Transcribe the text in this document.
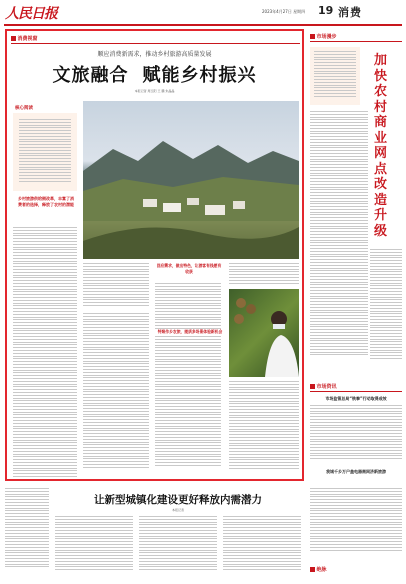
人民日报	2023年4月27日 星期四 19 消费
消费视窗
顺应消费新需求，推动乡村旅游高质量发展
文旅融合 赋能乡村振兴
本报记者 周玉阳 王 鹏 朱晶晶
核心阅读
乡村旅游供给侧改革，丰富了消费者的选择，释放了农村的潜能
回应需求，做出特色，让游客有钱愿有收获
特聚作乡农旅，提质多场景体验新机会
市场漫步
加快农村商业网点改造升级
市场资讯
市场监管总局“铁拳”行动取得成效
我城千乡万户盖电器商网济新旅游
让新型城镇化建设更好释放内需潜力
本报记者
绝脉
